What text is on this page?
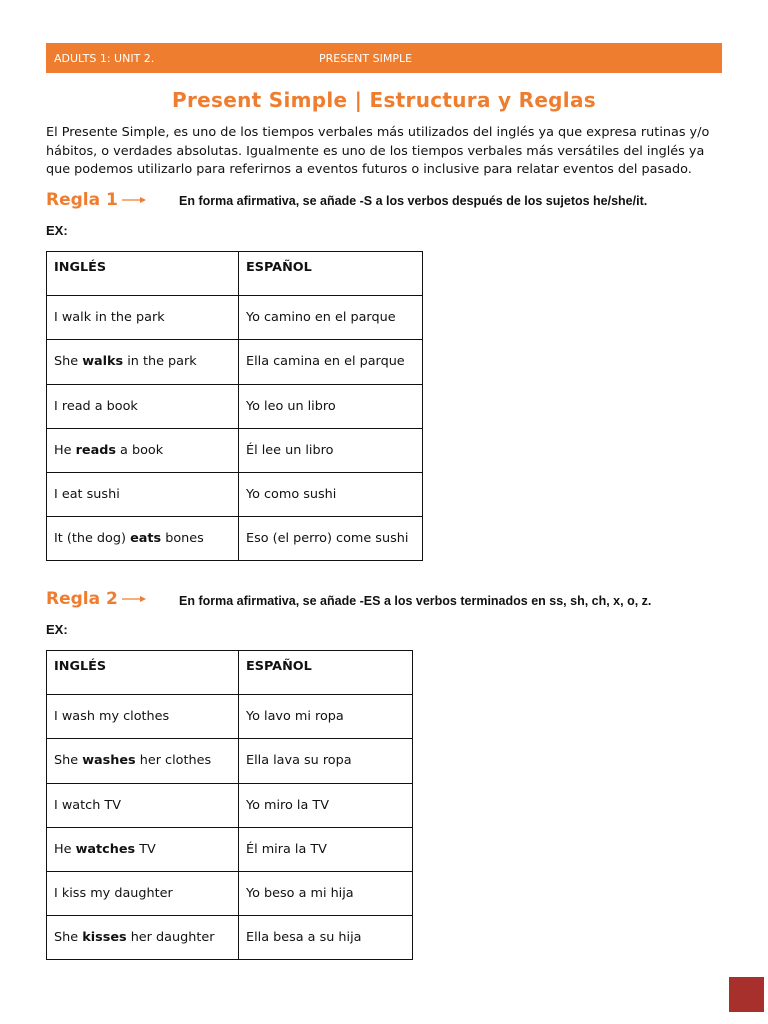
ADULTS 1: UNIT 2.	PRESENT SIMPLE
Present Simple | Estructura y Reglas
El Presente Simple, es uno de los tiempos verbales más utilizados del inglés ya que expresa rutinas y/o hábitos, o verdades absolutas. Igualmente es uno de los tiempos verbales más versátiles del inglés ya que podemos utilizarlo para referirnos a eventos futuros o inclusive para relatar eventos del pasado.
Regla 1	En forma afirmativa, se añade -S a los verbos después de los sujetos he/she/it.
EX:
INGLÉS	ESPAÑOL
I walk in the park	Yo camino en el parque
She walks in the park	Ella camina en el parque
I read a book	Yo leo un libro
He reads a book	Él lee un libro
I eat sushi	Yo como sushi
It (the dog) eats bones	Eso (el perro) come sushi
Regla 2	En forma afirmativa, se añade -ES a los verbos terminados en ss, sh, ch, x, o, z.
EX:
INGLÉS	ESPAÑOL
I wash my clothes	Yo lavo mi ropa
She washes her clothes	Ella lava su ropa
I watch TV	Yo miro la TV
He watches TV	Él mira la TV
I kiss my daughter	Yo beso a mi hija
She kisses her daughter	Ella besa a su hija
